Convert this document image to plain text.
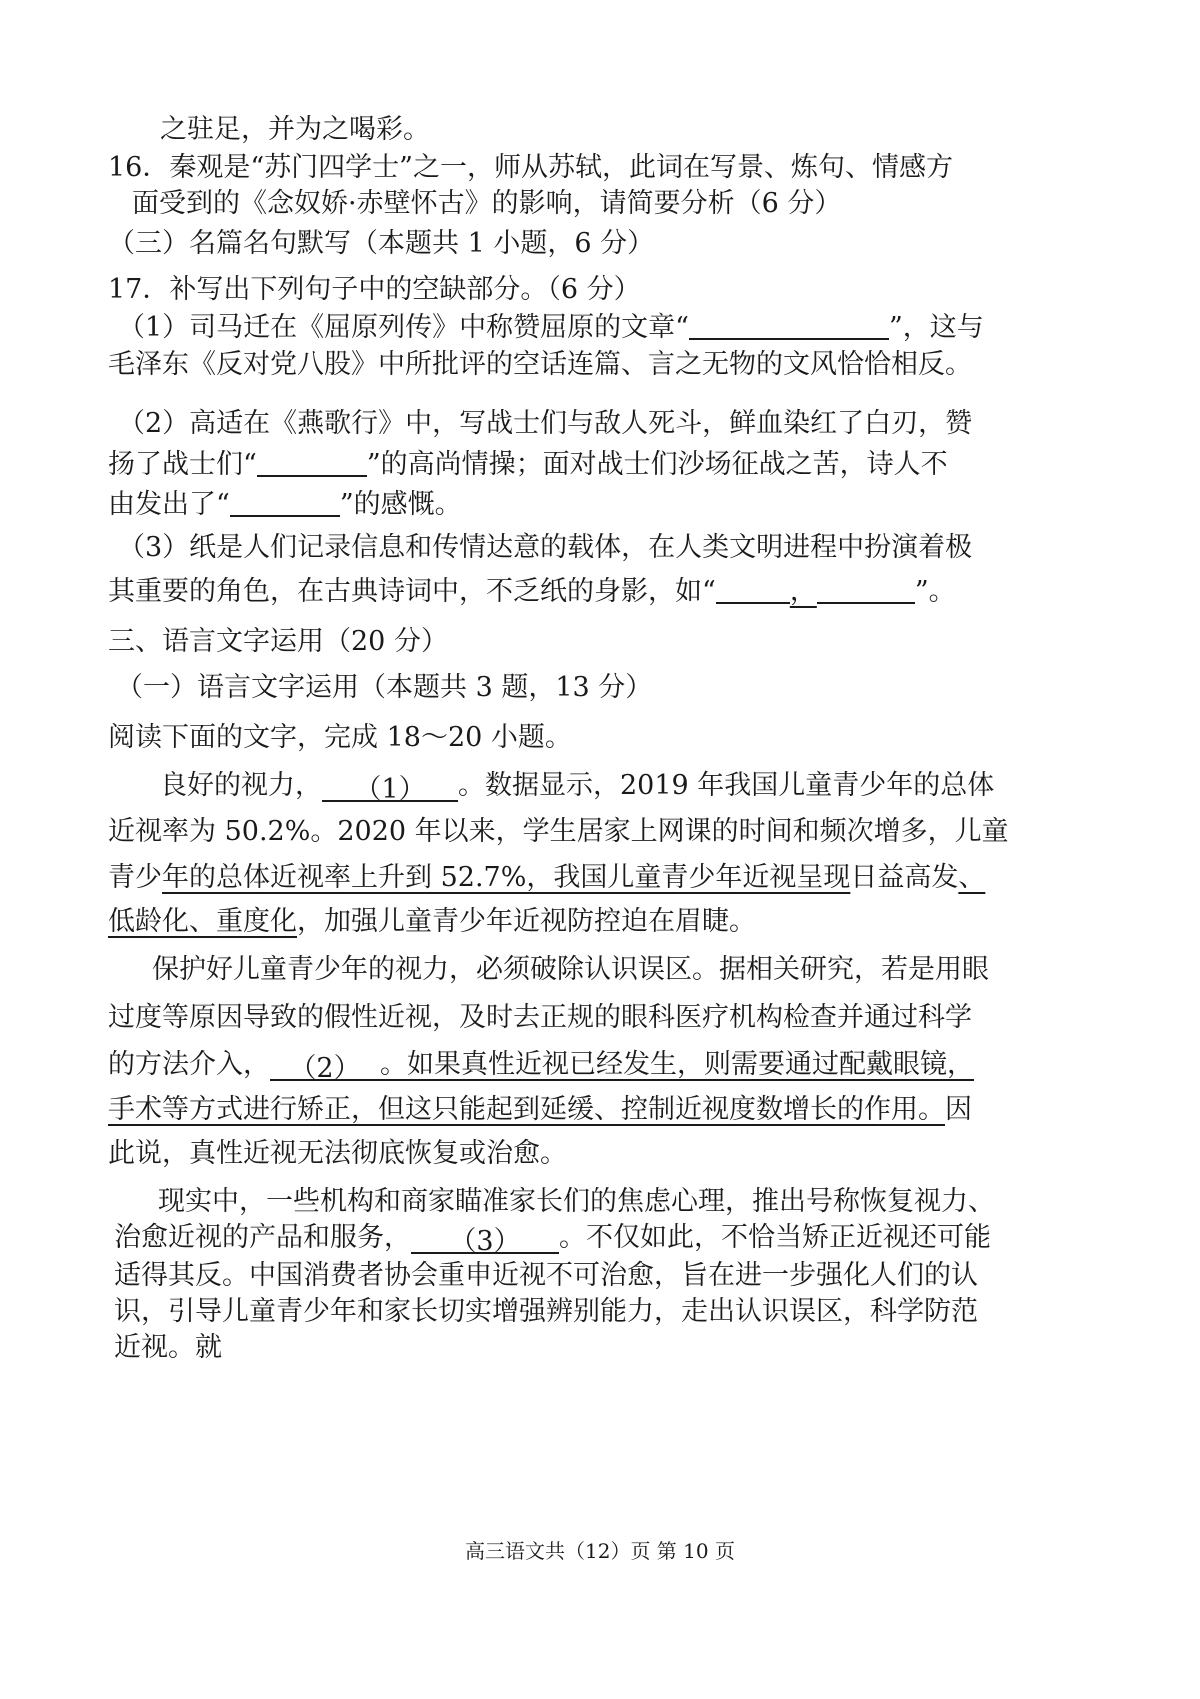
之驻足，并为之喝彩。
16．秦观是“苏门四学士”之一，师从苏轼，此词在写景、炼句、情感方
面受到的《念奴娇·赤壁怀古》的影响，请简要分析（6 分）
（三）名篇名句默写（本题共 1 小题，6 分）
17．补写出下列句子中的空缺部分。（6 分）
（1）司马迁在《屈原列传》中称赞屈原的文章“	”，这与
毛泽东《反对党八股》中所批评的空话连篇、言之无物的文风恰恰相反。
（2）高适在《燕歌行》中，写战士们与敌人死斗，鲜血染红了白刃，赞
扬了战士们“	”的高尚情操；面对战士们沙场征战之苦，诗人不
由发出了“	”的感慨。
（3）纸是人们记录信息和传情达意的载体，在人类文明进程中扮演着极
其重要的角色，在古典诗词中，不乏纸的身影，如“	，	”。
三、语言文字运用（20 分）
（一）语言文字运用（本题共 3 题，13 分）
阅读下面的文字，完成 18～20 小题。
良好的视力， （1） 。数据显示，2019 年我国儿童青少年的总体
近视率为 50.2%。2020 年以来，学生居家上网课的时间和频次增多，儿童
青少年的总体近视率上升到 52.7%，我国儿童青少年近视呈现日益高发、
低龄化、重度化，加强儿童青少年近视防控迫在眉睫。
保护好儿童青少年的视力，必须破除认识误区。据相关研究，若是用眼
过度等原因导致的假性近视，及时去正规的眼科医疗机构检查并通过科学
的方法介入， （2） 。如果真性近视已经发生，则需要通过配戴眼镜，
手术等方式进行矫正，但这只能起到延缓、控制近视度数增长的作用。因
此说，真性近视无法彻底恢复或治愈。
现实中，一些机构和商家瞄准家长们的焦虑心理，推出号称恢复视力、
治愈近视的产品和服务， （3） 。不仅如此，不恰当矫正近视还可能
适得其反。中国消费者协会重申近视不可治愈，旨在进一步强化人们的认
识，引导儿童青少年和家长切实增强辨别能力，走出认识误区，科学防范
近视。就
高三语文共（12）页 第 10 页
